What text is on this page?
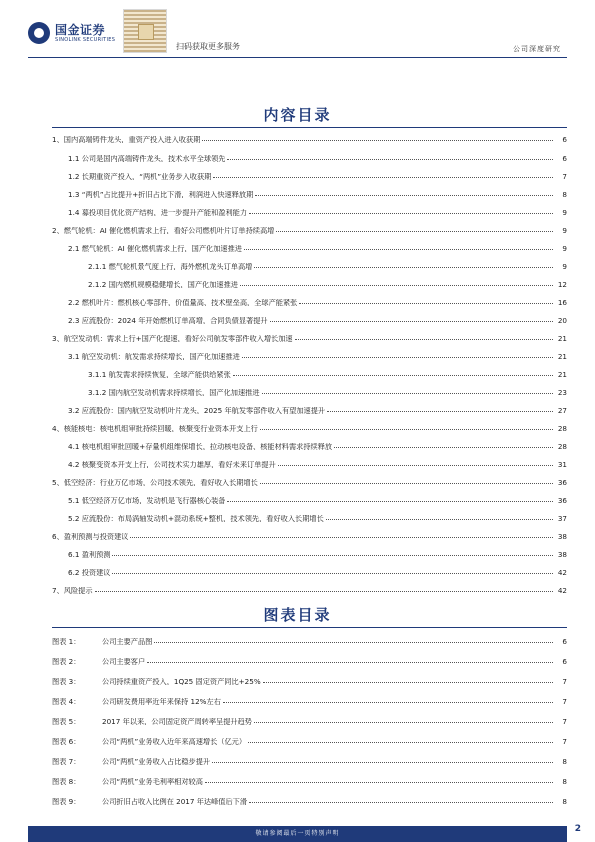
国金证券
SINOLINK SECURITIES
扫码获取更多服务	公司深度研究
内容目录
1、国内高端铸件龙头，重资产投入进入收获期	6
1.1 公司是国内高端铸件龙头，技术水平全球领先	6
1.2 长期重资产投入，“两机”业务步入收获期	7
1.3 “两机”占比提升+折旧占比下滑，利润进入快速释放期	8
1.4 募投项目优化资产结构，进一步提升产能和盈利能力	9
2、燃气轮机：AI 催化燃机需求上行，看好公司燃机叶片订单持续高增	9
2.1 燃气轮机：AI 催化燃机需求上行，国产化加速推进	9
2.1.1 燃气轮机景气度上行，海外燃机龙头订单高增	9
2.1.2 国内燃机规模稳健增长，国产化加速推进	12
2.2 燃机叶片：燃机核心零部件，价值量高、技术壁垒高，全球产能紧张	16
2.3 应流股份：2024 年开始燃机订单高增，合同负债显著提升	20
3、航空发动机：需求上行+国产化提速，看好公司航发零部件收入增长加速	21
3.1 航空发动机：航发需求持续增长，国产化加速推进	21
3.1.1 航发需求持续恢复，全球产能供给紧张	21
3.1.2 国内航空发动机需求持续增长，国产化加速推进	23
3.2 应流股份：国内航空发动机叶片龙头，2025 年航发零部件收入有望加速提升	27
4、核能核电：核电机组审批持续回暖，核聚变行业资本开支上行	28
4.1 核电机组审批回暖+存量机组维保增长，拉动核电设备、核能材料需求持续释放	28
4.2 核聚变资本开支上行，公司技术实力雄厚，看好未来订单提升	31
5、低空经济：行业万亿市场，公司技术领先，看好收入长期增长	36
5.1 低空经济万亿市场，发动机是飞行器核心装备	36
5.2 应流股份：布局涡轴发动机+混动系统+整机，技术领先，看好收入长期增长	37
6、盈利预测与投资建议	38
6.1 盈利预测	38
6.2 投资建议	42
7、风险提示	42
图表目录
图表 1：	公司主要产品图	6
图表 2：	公司主要客户	6
图表 3：	公司持续重资产投入，1Q25 固定资产同比+25%	7
图表 4：	公司研发费用率近年来保持 12%左右	7
图表 5：	2017 年以来，公司固定资产周转率呈提升趋势	7
图表 6：	公司“两机”业务收入近年来高速增长（亿元）	7
图表 7：	公司“两机”业务收入占比稳步提升	8
图表 8：	公司“两机”业务毛利率相对较高	8
图表 9：	公司折旧占收入比例在 2017 年达峰值后下滑	8
敬请参阅最后一页特别声明	2
